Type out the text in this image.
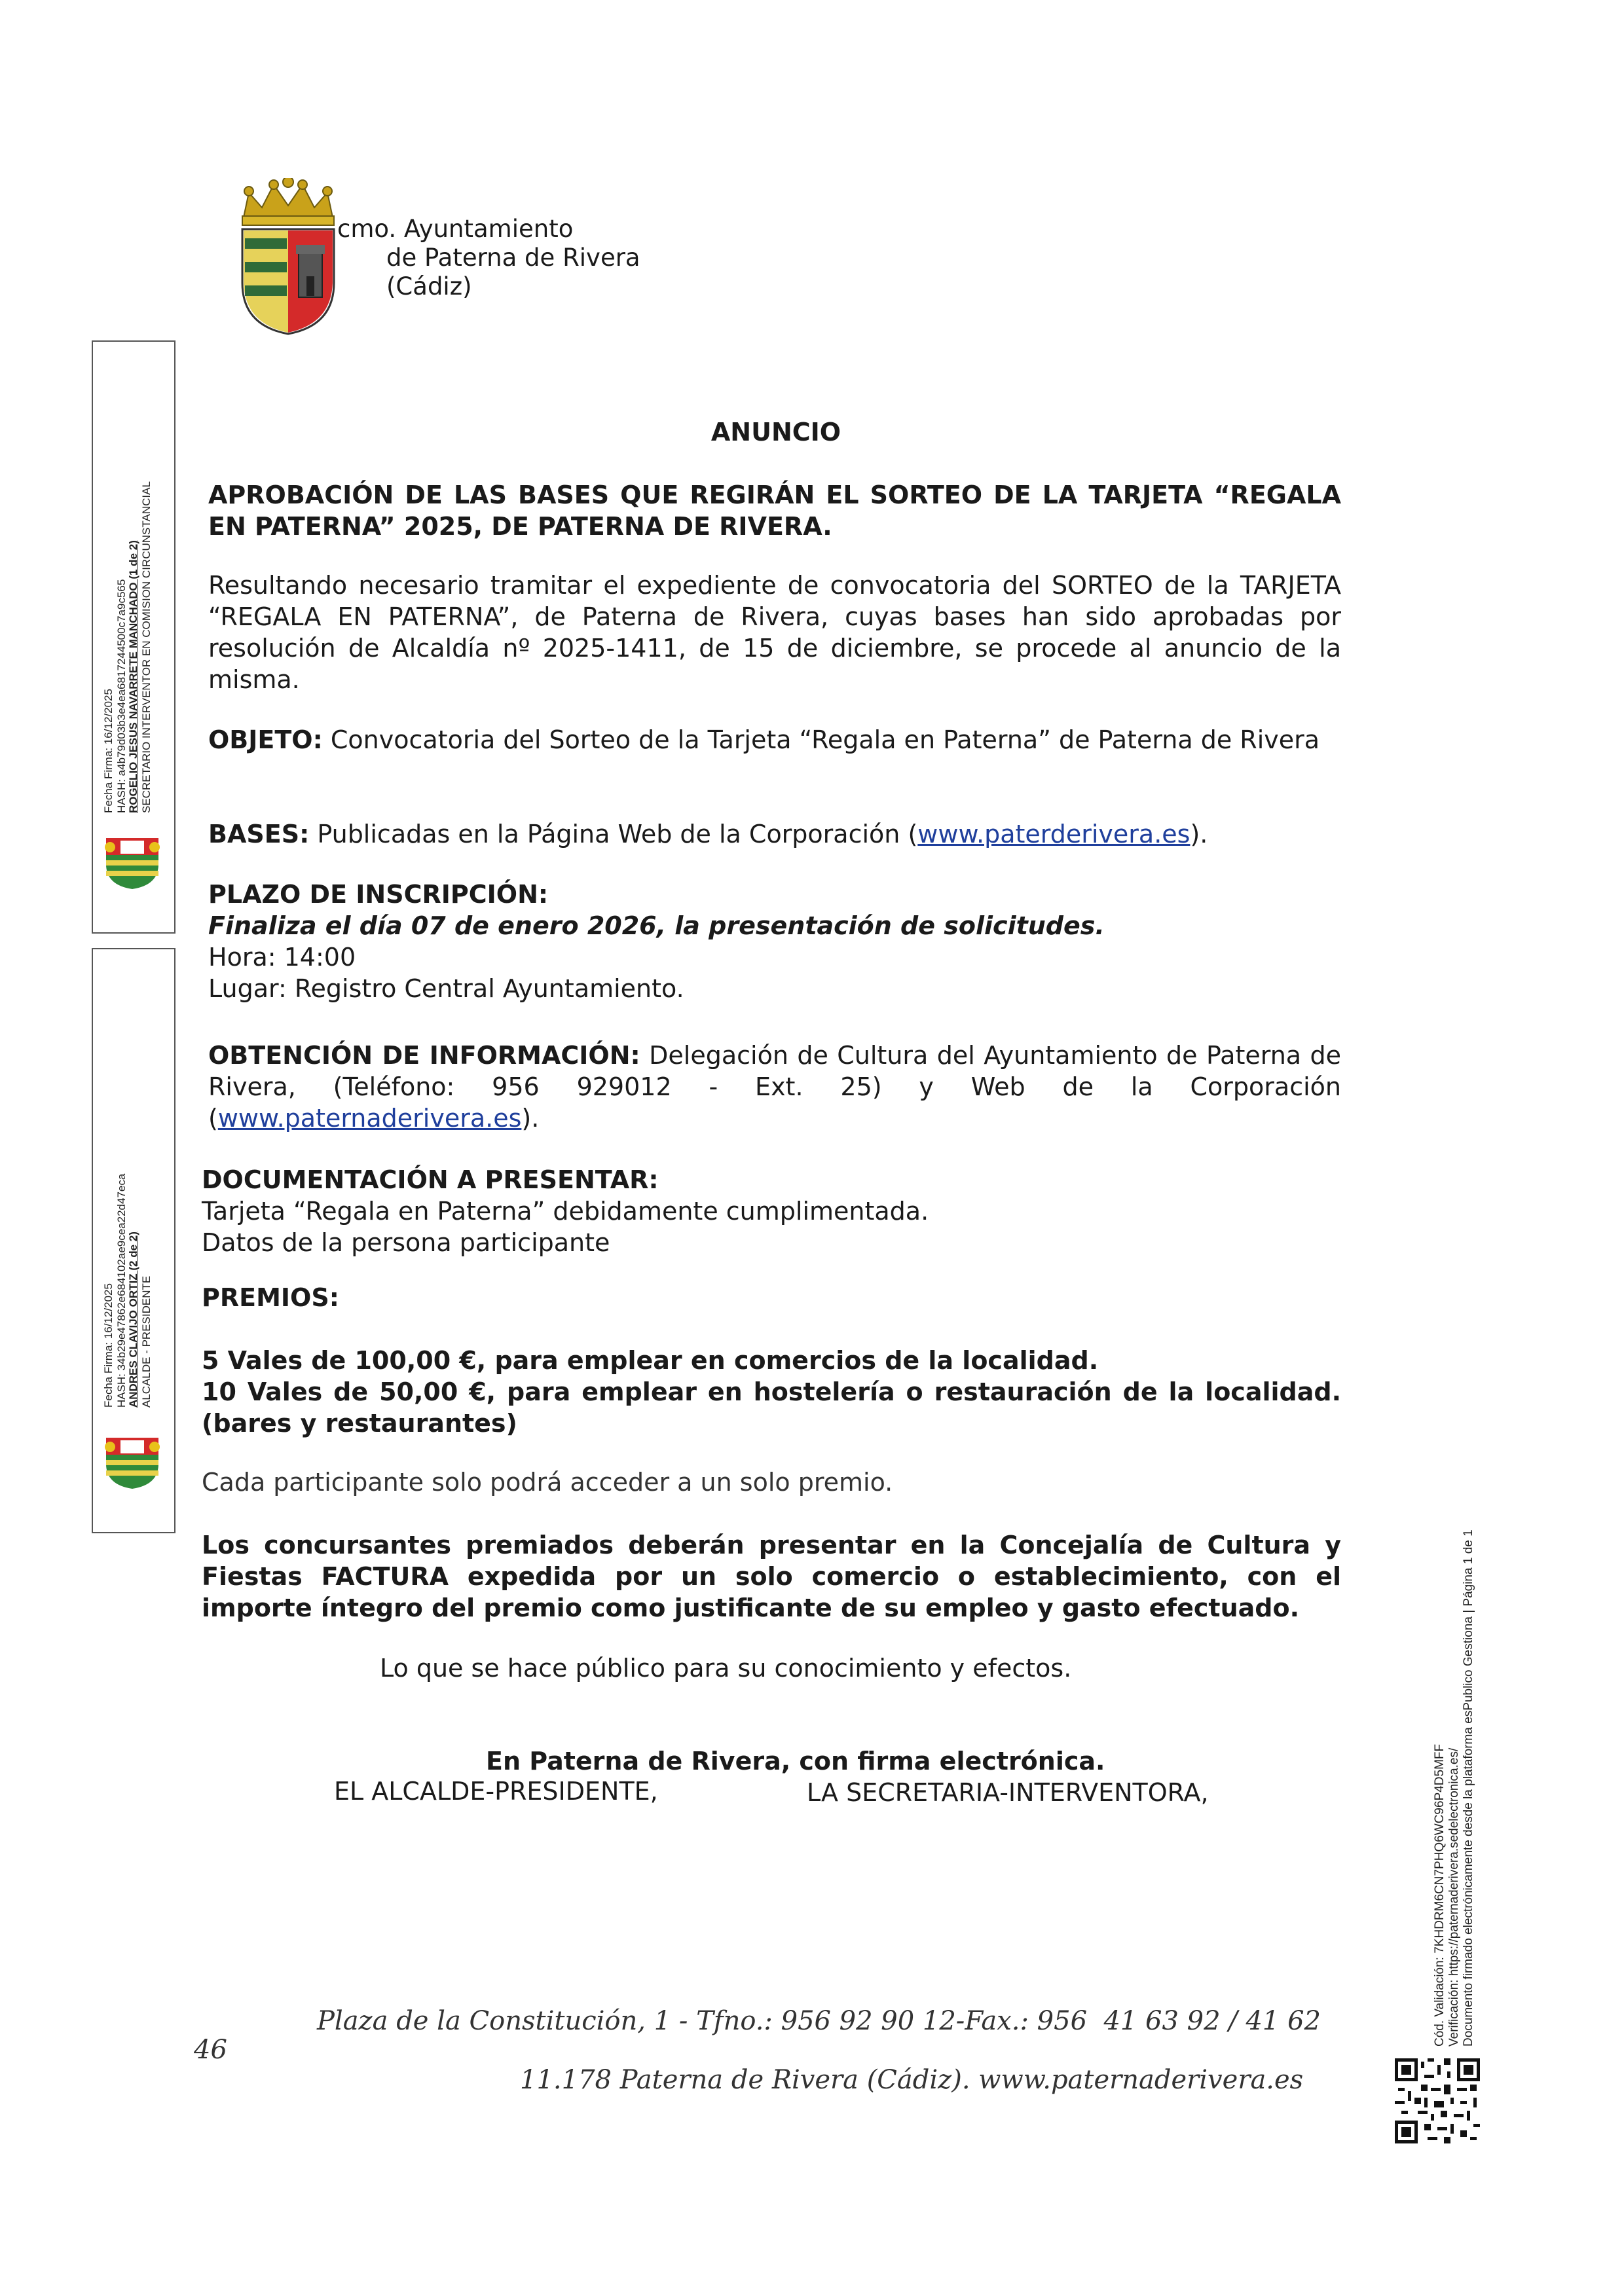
cmo. Ayuntamiento
de Paterna de Rivera
(Cádiz)
ROGELIO JESUS NAVARRETE MANCHADO (1 de 2) SECRETARIO INTERVENTOR EN COMISION CIRCUNSTANCIAL
Fecha Firma: 16/12/2025 HASH: a4b79d03b3e4ea6817244500c7a9c565
ANDRES CLAVIJO ORTIZ (2 de 2) ALCALDE - PRESIDENTE
Fecha Firma: 16/12/2025 HASH: 34b29e47862e684102ae9cea22d47eca
ANUNCIO
APROBACIÓN DE LAS BASES QUE REGIRÁN EL SORTEO DE LA TARJETA “REGALA EN PATERNA” 2025, DE PATERNA DE RIVERA.
Resultando necesario tramitar el expediente de convocatoria del SORTEO de la TARJETA “REGALA EN PATERNA”, de Paterna de Rivera, cuyas bases han sido aprobadas por resolución de Alcaldía nº 2025-1411, de 15 de diciembre, se procede al anuncio de la misma.
OBJETO: Convocatoria del Sorteo de la Tarjeta “Regala en Paterna” de Paterna de Rivera
BASES: Publicadas en la Página Web de la Corporación (www.paterderivera.es).
PLAZO DE INSCRIPCIÓN:
Finaliza el día 07 de enero 2026, la presentación de solicitudes.
Hora: 14:00
Lugar: Registro Central Ayuntamiento.
OBTENCIÓN DE INFORMACIÓN: Delegación de Cultura del Ayuntamiento de Paterna de Rivera, (Teléfono: 956 929012 - Ext. 25) y Web de la Corporación (www.paternaderivera.es).
DOCUMENTACIÓN A PRESENTAR:
Tarjeta “Regala en Paterna” debidamente cumplimentada.
Datos de la persona participante
PREMIOS:
5 Vales de 100,00 €, para emplear en comercios de la localidad.
10 Vales de 50,00 €, para emplear en hostelería o restauración de la localidad. (bares y restaurantes)
Cada participante solo podrá acceder a un solo premio.
Los concursantes premiados deberán presentar en la Concejalía de Cultura y Fiestas FACTURA expedida por un solo comercio o establecimiento, con el importe íntegro del premio como justificante de su empleo y gasto efectuado.
Lo que se hace público para su conocimiento y efectos.
En Paterna de Rivera, con firma electrónica.
EL ALCALDE-PRESIDENTE,	LA SECRETARIA-INTERVENTORA,
46
Plaza de la Constitución, 1 - Tfno.: 956 92 90 12-Fax.: 956  41 63 92 / 41 62
11.178 Paterna de Rivera (Cádiz). www.paternaderivera.es
Cód. Validación: 7KHDRM6CN7PHQ6WC96P4D5MFF Verificación: https://paternaderivera.sedelectronica.es/ Documento firmado electrónicamente desde la plataforma esPublico Gestiona | Página 1 de 1
